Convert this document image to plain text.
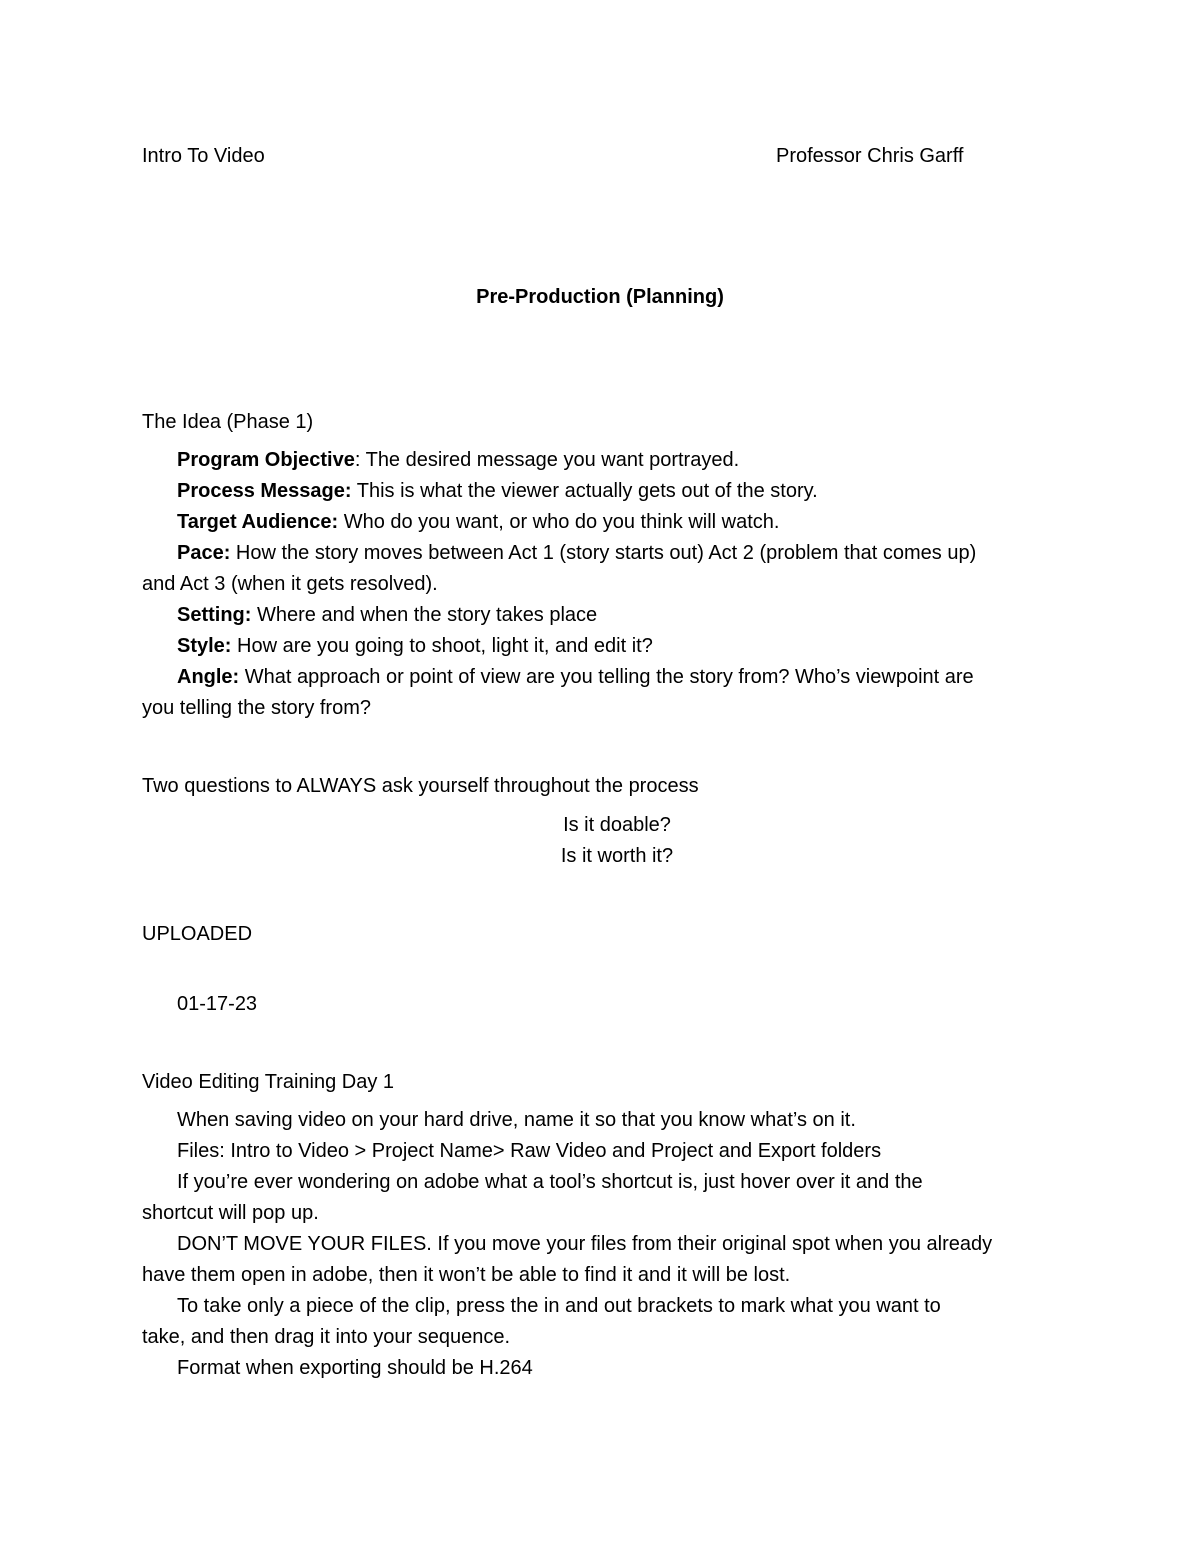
Intro To Video	Professor Chris Garff
Pre-Production (Planning)
The Idea (Phase 1)
Program Objective: The desired message you want portrayed.
Process Message: This is what the viewer actually gets out of the story.
Target Audience: Who do you want, or who do you think will watch.
Pace: How the story moves between Act 1 (story starts out) Act 2 (problem that comes up)
and Act 3 (when it gets resolved).
Setting: Where and when the story takes place
Style: How are you going to shoot, light it, and edit it?
Angle: What approach or point of view are you telling the story from? Who’s viewpoint are
you telling the story from?
Two questions to ALWAYS ask yourself throughout the process
Is it doable?
Is it worth it?
UPLOADED
01-17-23
Video Editing Training Day 1
When saving video on your hard drive, name it so that you know what’s on it.
Files: Intro to Video > Project Name> Raw Video and Project and Export folders
If you’re ever wondering on adobe what a tool’s shortcut is, just hover over it and the
shortcut will pop up.
DON’T MOVE YOUR FILES. If you move your files from their original spot when you already
have them open in adobe, then it won’t be able to find it and it will be lost.
To take only a piece of the clip, press the in and out brackets to mark what you want to
take, and then drag it into your sequence.
Format when exporting should be H.264
